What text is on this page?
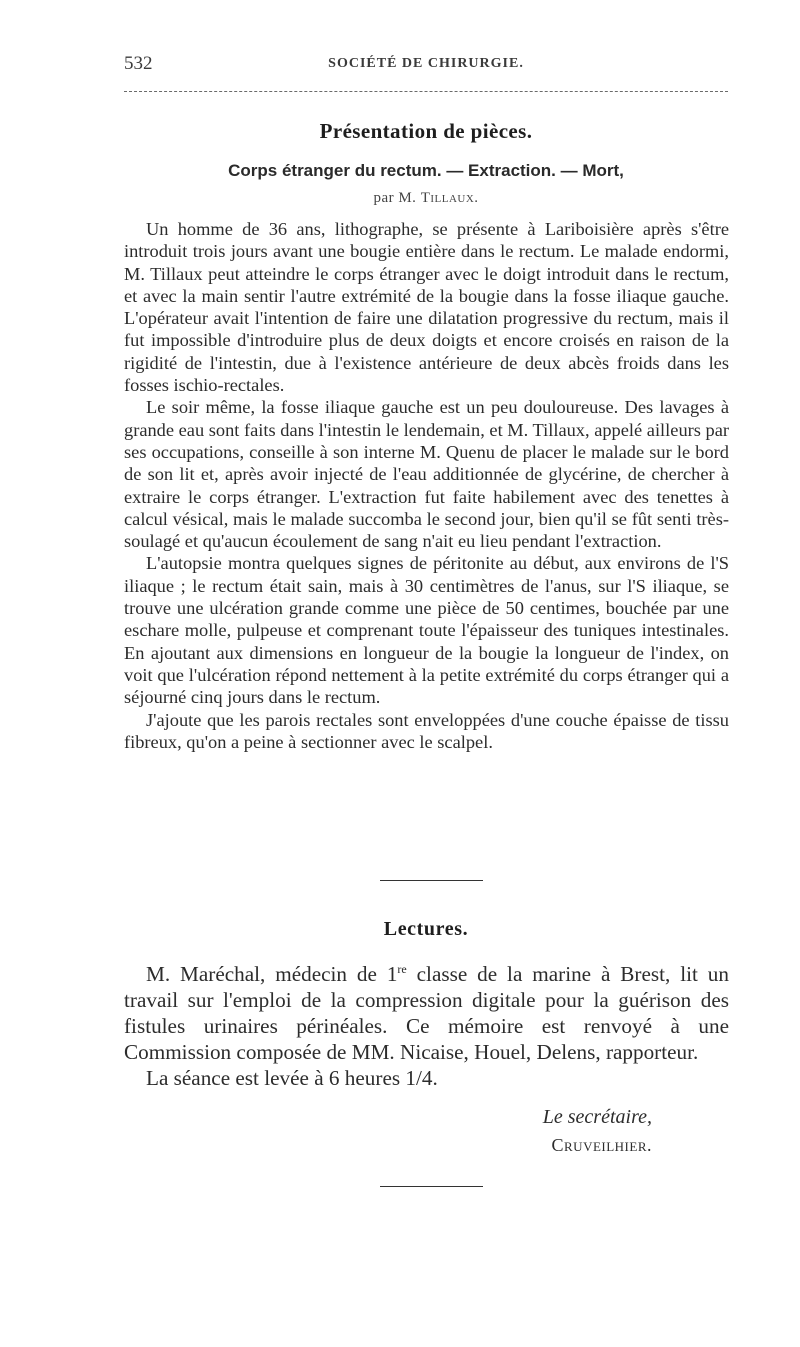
532	SOCIÉTÉ DE CHIRURGIE.
Présentation de pièces.
Corps étranger du rectum. — Extraction. — Mort,
par M. Tillaux.

Un homme de 36 ans, lithographe, se présente à Lariboisière après s'être introduit trois jours avant une bougie entière dans le rectum. Le malade endormi, M. Tillaux peut atteindre le corps étranger avec le doigt introduit dans le rectum, et avec la main sentir l'autre extrémité de la bougie dans la fosse iliaque gauche. L'opérateur avait l'intention de faire une dilatation progressive du rectum, mais il fut impossible d'introduire plus de deux doigts et encore croisés en raison de la rigidité de l'intestin, due à l'existence antérieure de deux abcès froids dans les fosses ischio-rectales.

Le soir même, la fosse iliaque gauche est un peu douloureuse. Des lavages à grande eau sont faits dans l'intestin le lendemain, et M. Tillaux, appelé ailleurs par ses occupations, conseille à son interne M. Quenu de placer le malade sur le bord de son lit et, après avoir injecté de l'eau additionnée de glycérine, de chercher à extraire le corps étranger. L'extraction fut faite habilement avec des tenettes à calcul vésical, mais le malade succomba le second jour, bien qu'il se fût senti très-soulagé et qu'aucun écoulement de sang n'ait eu lieu pendant l'extraction.

L'autopsie montra quelques signes de péritonite au début, aux environs de l'S iliaque ; le rectum était sain, mais à 30 centimètres de l'anus, sur l'S iliaque, se trouve une ulcération grande comme une pièce de 50 centimes, bouchée par une eschare molle, pulpeuse et comprenant toute l'épaisseur des tuniques intestinales. En ajoutant aux dimensions en longueur de la bougie la longueur de l'index, on voit que l'ulcération répond nettement à la petite extrémité du corps étranger qui a séjourné cinq jours dans le rectum.

J'ajoute que les parois rectales sont enveloppées d'une couche épaisse de tissu fibreux, qu'on a peine à sectionner avec le scalpel.

Lectures.

M. Maréchal, médecin de 1re classe de la marine à Brest, lit un travail sur l'emploi de la compression digitale pour la guérison des fistules urinaires périnéales. Ce mémoire est renvoyé à une Commission composée de MM. Nicaise, Houel, Delens, rapporteur.

La séance est levée à 6 heures 1/4.

Le secrétaire,
Cruveilhier.
